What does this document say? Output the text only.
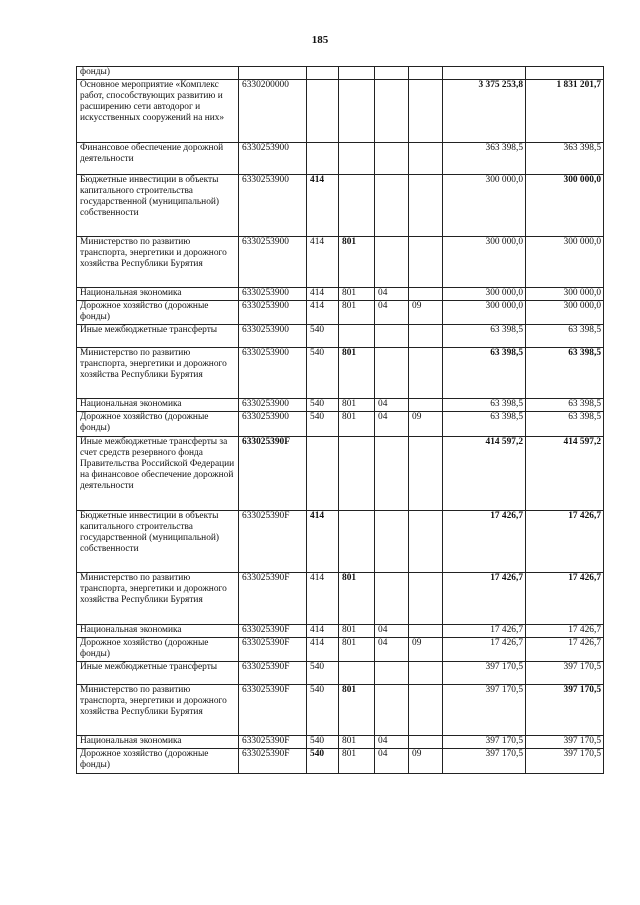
185
фонды)							
Основное мероприятие «Комплекс работ, способствующих развитию и расширению сети автодорог и искусственных сооружений на них»	6330200000					3 375 253,8	1 831 201,7
Финансовое обеспечение дорожной деятельности	6330253900					363 398,5	363 398,5
Бюджетные инвестиции в объекты капитального строительства государственной (муниципальной) собственности	6330253900	414				300 000,0	300 000,0
Министерство по развитию транспорта, энергетики и дорожного хозяйства Республики Бурятия	6330253900	414	801			300 000,0	300 000,0
Национальная экономика	6330253900	414	801	04		300 000,0	300 000,0
Дорожное хозяйство (дорожные фонды)	6330253900	414	801	04	09	300 000,0	300 000,0
Иные межбюджетные трансферты	6330253900	540				63 398,5	63 398,5
Министерство по развитию транспорта, энергетики и дорожного хозяйства Республики Бурятия	6330253900	540	801			63 398,5	63 398,5
Национальная экономика	6330253900	540	801	04		63 398,5	63 398,5
Дорожное хозяйство (дорожные фонды)	6330253900	540	801	04	09	63 398,5	63 398,5
Иные межбюджетные трансферты за счет средств резервного фонда Правительства Российской Федерации на финансовое обеспечение дорожной деятельности	633025390F					414 597,2	414 597,2
Бюджетные инвестиции в объекты капитального строительства государственной (муниципальной) собственности	633025390F	414				17 426,7	17 426,7
Министерство по развитию транспорта, энергетики и дорожного хозяйства Республики Бурятия	633025390F	414	801			17 426,7	17 426,7
Национальная экономика	633025390F	414	801	04		17 426,7	17 426,7
Дорожное хозяйство (дорожные фонды)	633025390F	414	801	04	09	17 426,7	17 426,7
Иные межбюджетные трансферты	633025390F	540				397 170,5	397 170,5
Министерство по развитию транспорта, энергетики и дорожного хозяйства Республики Бурятия	633025390F	540	801			397 170,5	397 170,5
Национальная экономика	633025390F	540	801	04		397 170,5	397 170,5
Дорожное хозяйство (дорожные фонды)	633025390F	540	801	04	09	397 170,5	397 170,5
